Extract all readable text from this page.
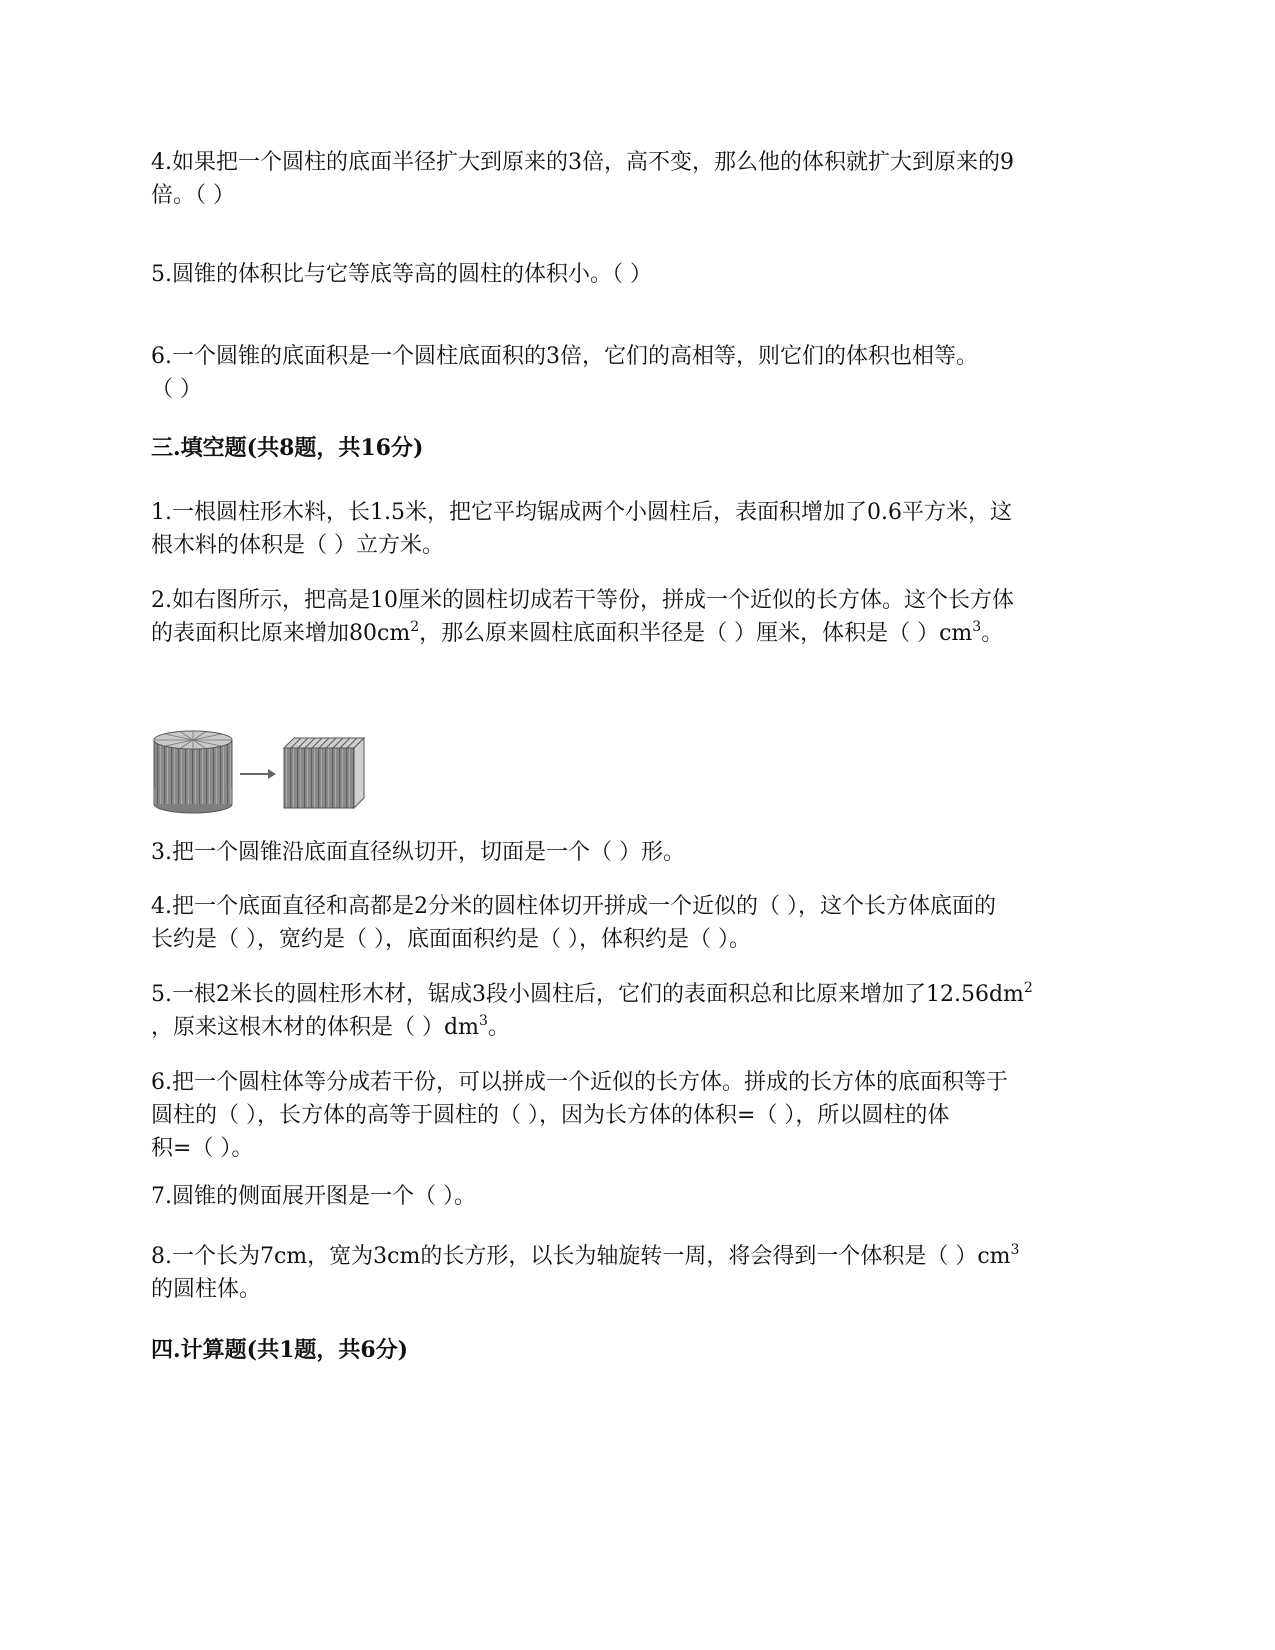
4.如果把一个圆柱的底面半径扩大到原来的3倍，高不变，那么他的体积就扩大到原来的9
倍。（ ）

5.圆锥的体积比与它等底等高的圆柱的体积小。（ ）

6.一个圆锥的底面积是一个圆柱底面积的3倍，它们的高相等，则它们的体积也相等。
（ ）

三.填空题(共8题，共16分)

1.一根圆柱形木料，长1.5米，把它平均锯成两个小圆柱后，表面积增加了0.6平方米，这
根木料的体积是（ ）立方米。

2.如右图所示，把高是10厘米的圆柱切成若干等份，拼成一个近似的长方体。这个长方体
的表面积比原来增加$80cm^2$，那么原来圆柱底面积半径是（ ）厘米，体积是（ ）$cm^3$。

3.把一个圆锥沿底面直径纵切开，切面是一个（ ）形。

4.把一个底面直径和高都是2分米的圆柱体切开拼成一个近似的（ ），这个长方体底面的
长约是（ ），宽约是（ ），底面面积约是（ ），体积约是（ ）。

5.一根2米长的圆柱形木材，锯成3段小圆柱后，它们的表面积总和比原来增加了$12.56dm^2$
，原来这根木材的体积是（ ）$dm^3$。

6.把一个圆柱体等分成若干份，可以拼成一个近似的长方体。拼成的长方体的底面积等于
圆柱的（ ），长方体的高等于圆柱的（ ），因为长方体的体积=（ ），所以圆柱的体
积=（ ）。

7.圆锥的侧面展开图是一个（ ）。

8.一个长为7cm，宽为3cm的长方形，以长为轴旋转一周，将会得到一个体积是（ ）$cm^3$
的圆柱体。

四.计算题(共1题，共6分)
